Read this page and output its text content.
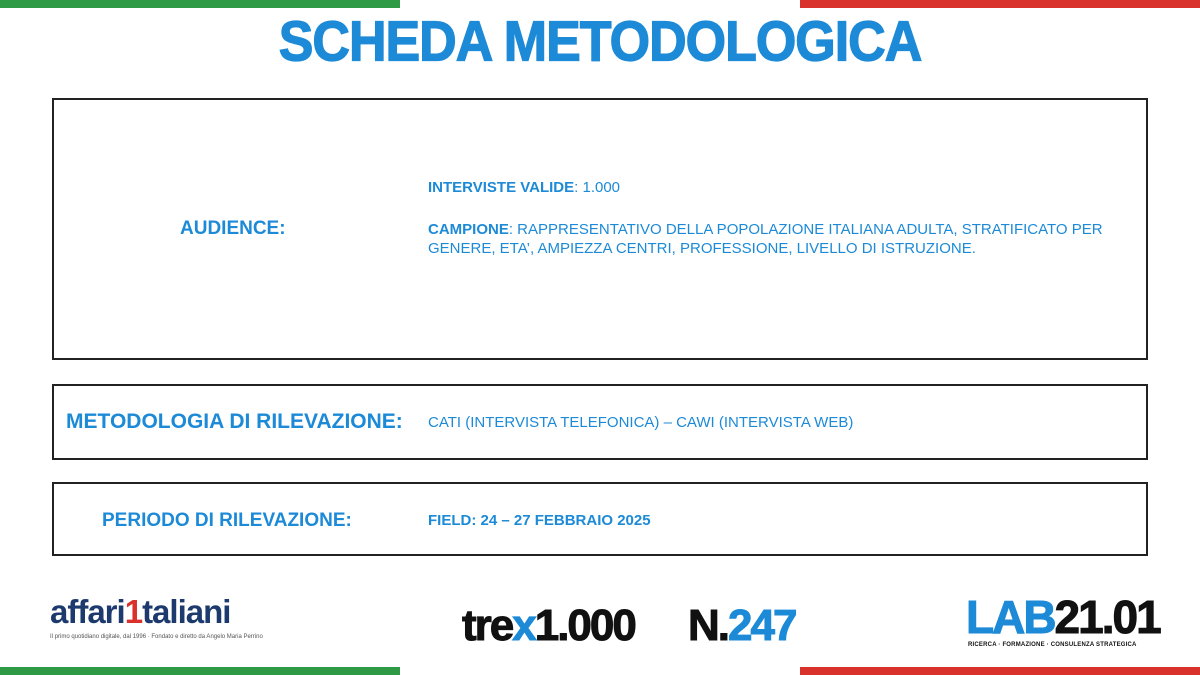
SCHEDA METODOLOGICA
AUDIENCE:
INTERVISTE VALIDE: 1.000
CAMPIONE: RAPPRESENTATIVO DELLA POPOLAZIONE ITALIANA ADULTA, STRATIFICATO PER GENERE, ETA’, AMPIEZZA CENTRI, PROFESSIONE, LIVELLO DI ISTRUZIONE.
METODOLOGIA DI RILEVAZIONE: CATI (INTERVISTA TELEFONICA) – CAWI (INTERVISTA WEB)
PERIODO DI RILEVAZIONE:	FIELD: 24 – 27 FEBBRAIO 2025
affari1taliani
Il primo quotidiano digitale, dal 1996 · Fondato e diretto da Angelo Maria Perrino	trex1.000	N.247	LAB21.01
RICERCA · FORMAZIONE · CONSULENZA STRATEGICA
